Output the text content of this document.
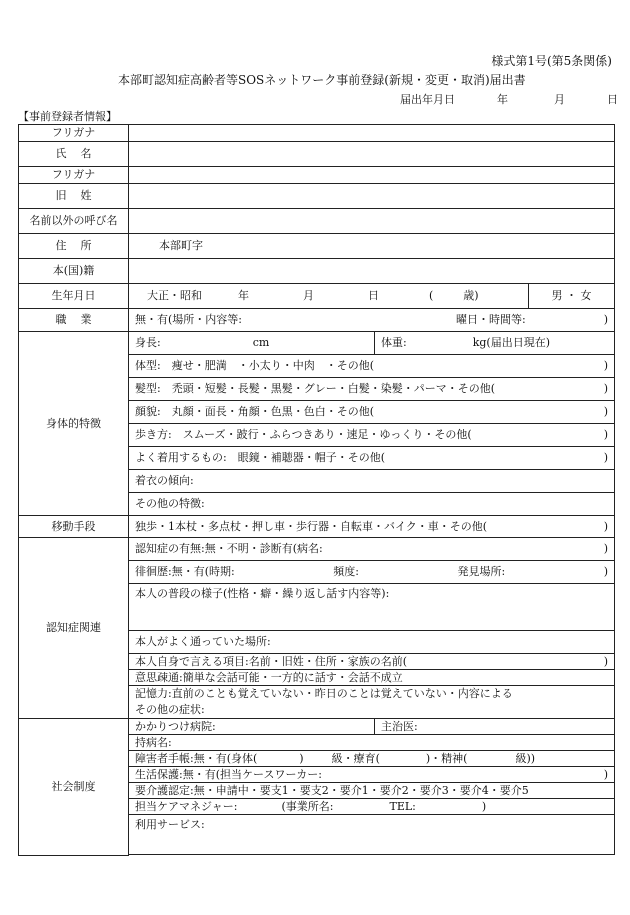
様式第1号(第5条関係)
本部町認知症高齢者等SOSネットワーク事前登録(新規・変更・取消)届出書
届出年月日	年	月	日
【事前登録者情報】
フリガナ			
氏名			
フリガナ			
旧姓			
名前以外の呼び名			
住所	本部町字		
本(国)籍			
生年月日	大正・昭和 年 月 日 ( 歳)		男 ・ 女
職業	無・有(場所・内容等: 曜日・時間等: )		

身体的特徴	身長: cm	体重: kg(届出日現在)	

	体型:　痩せ・肥満　・小太り・中肉　・その他( )		

	髪型:　禿頭・短髪・長髪・黒髪・グレー・白髪・染髪・パーマ・その他( )		

	顔貌:　丸顔・面長・角顔・色黒・色白・その他( )		

	歩き方:　スムーズ・跛行・ふらつきあり・速足・ゆっくり・その他( )		

	よく着用するもの:　眼鏡・補聴器・帽子・その他( )		

	着衣の傾向:		
	その他の特徴:		
移動手段	独歩・1本杖・多点杖・押し車・歩行器・自転車・バイク・車・その他( )		

認知症関連	認知症の有無:無・不明・診断有(病名: )		

	徘徊歴:無・有(時期: 頻度: 発見場所: )		

	本人の普段の様子(性格・癖・繰り返し話す内容等):		
	本人がよく通っていた場所:		

	本人自身で言える項目:名前・旧姓・住所・家族の名前( )		

	意思疎通:簡単な会話可能・一方的に話す・会話不成立		

	記憶力:直前のことも覚えていない・昨日のことは覚えていない・内容による
その他の症状:		

社会制度	かかりつけ病院:	主治医:	
	持病名:		
	障害者手帳:無・有(身体( ) 級・療育( )・精神( 級))		

	生活保護:無・有(担当ケースワーカー: )		

	要介護認定:無・申請中・要支1・要支2・要介1・要介2・要介3・要介4・要介5		
	担当ケアマネジャー: (事業所名: TEL: )		
	利用サービス:		
